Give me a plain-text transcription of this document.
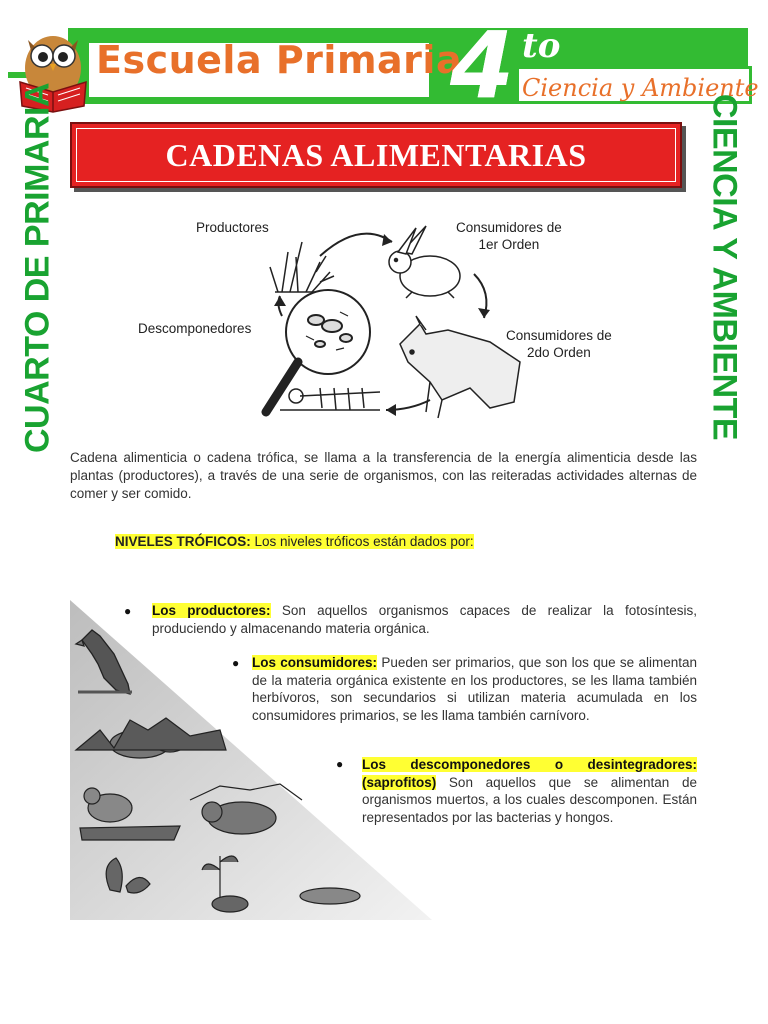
Escuela Primaria
4 to
Ciencia y Ambiente
CUARTO DE PRIMARIA	CIENCIA Y AMBIENTE
CADENAS ALIMENTARIAS
Productores	Consumidores de
1er Orden
Consumidores de
2do Orden
Descomponedores
Cadena alimenticia o cadena trófica, se llama a la transferencia de la energía alimenticia desde las plantas (productores), a través de una serie de organismos, con las reiteradas actividades alternas de comer y ser comido.
NIVELES TRÓFICOS: Los niveles tróficos están dados por:
● Los productores: Son aquellos organismos capaces de realizar la fotosíntesis, produciendo y almacenando materia orgánica.
● Los consumidores: Pueden ser primarios, que son los que se alimentan de la materia orgánica existente en los productores, se les llama también herbívoros, son secundarios si utilizan materia acumulada en los consumidores primarios, se les llama también carnívoro.
● Los descomponedores o desintegradores: (saprofitos) Son aquellos que se alimentan de organismos muertos, a los cuales descomponen. Están representados por las bacterias y hongos.
